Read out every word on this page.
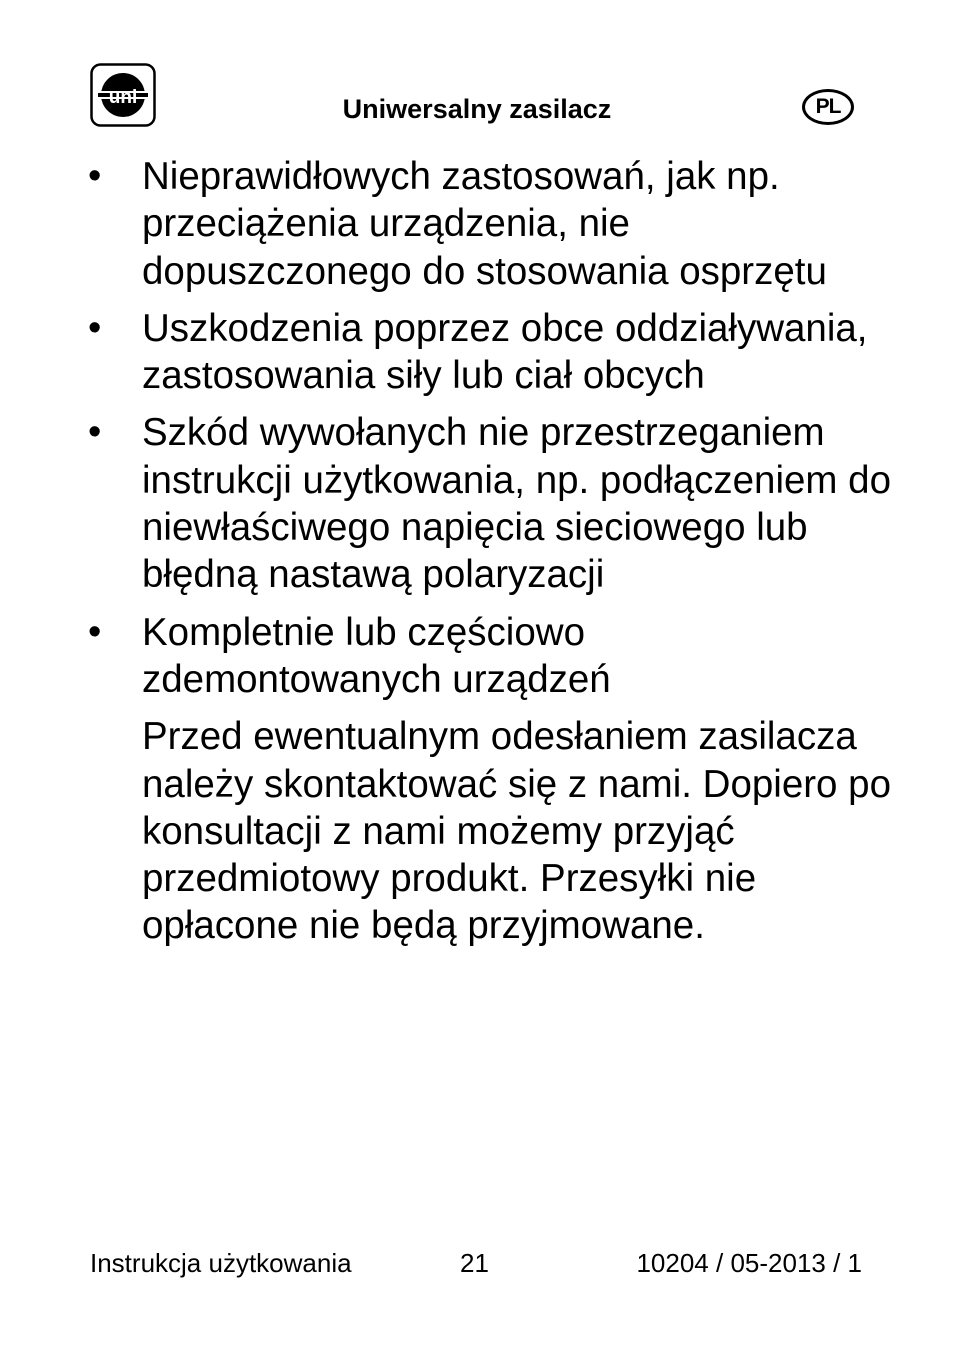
uni	Uniwersalny zasilacz	PL
• Nieprawidłowych zastosowań, jak np. przeciążenia urządzenia, nie dopuszczonego do stosowania osprzętu
• Uszkodzenia poprzez obce oddziaływania, zastosowania siły lub ciał obcych
• Szkód wywołanych nie przestrzeganiem instrukcji użytkowania, np. podłączeniem do niewłaściwego napięcia sieciowego lub błędną nastawą polaryzacji
• Kompletnie lub częściowo zdemontowanych urządzeń
Przed ewentualnym odesłaniem zasilacza należy skontaktować się z nami. Dopiero po konsultacji z nami możemy przyjąć przedmiotowy produkt. Przesyłki nie opłacone nie będą przyjmowane.
Instrukcja użytkowania	21	10204 / 05-2013 / 1
